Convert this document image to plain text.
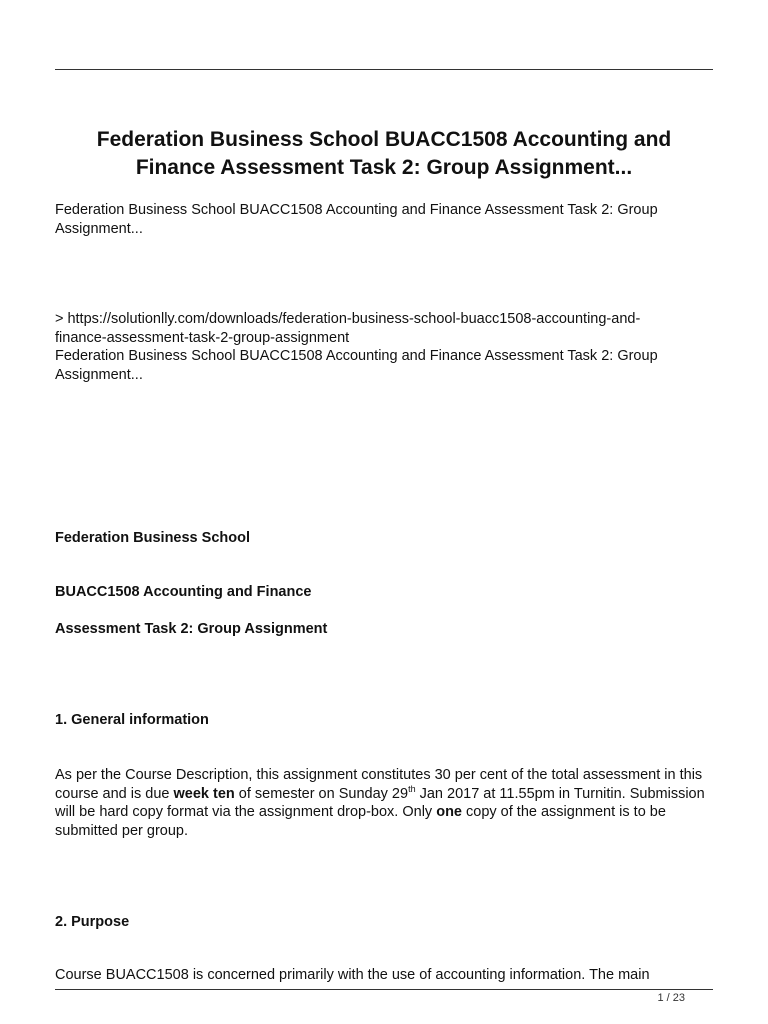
Federation Business School BUACC1508 Accounting and Finance Assessment Task 2: Group Assignment...

Federation Business School BUACC1508 Accounting and Finance Assessment Task 2: Group Assignment...

> https://solutionlly.com/downloads/federation-business-school-buacc1508-accounting-and-
finance-assessment-task-2-group-assignment
Federation Business School BUACC1508 Accounting and Finance Assessment Task 2: Group Assignment...
Federation Business School
BUACC1508 Accounting and Finance
Assessment Task 2: Group Assignment
1. General information

As per the Course Description, this assignment constitutes 30 per cent of the total assessment in this course and is due week ten of semester on Sunday 29th Jan 2017 at 11.55pm in Turnitin. Submission will be hard copy format via the assignment drop-box. Only one copy of the assignment is to be submitted per group.

2. Purpose

Course BUACC1508 is concerned primarily with the use of accounting information. The main

1 / 23
